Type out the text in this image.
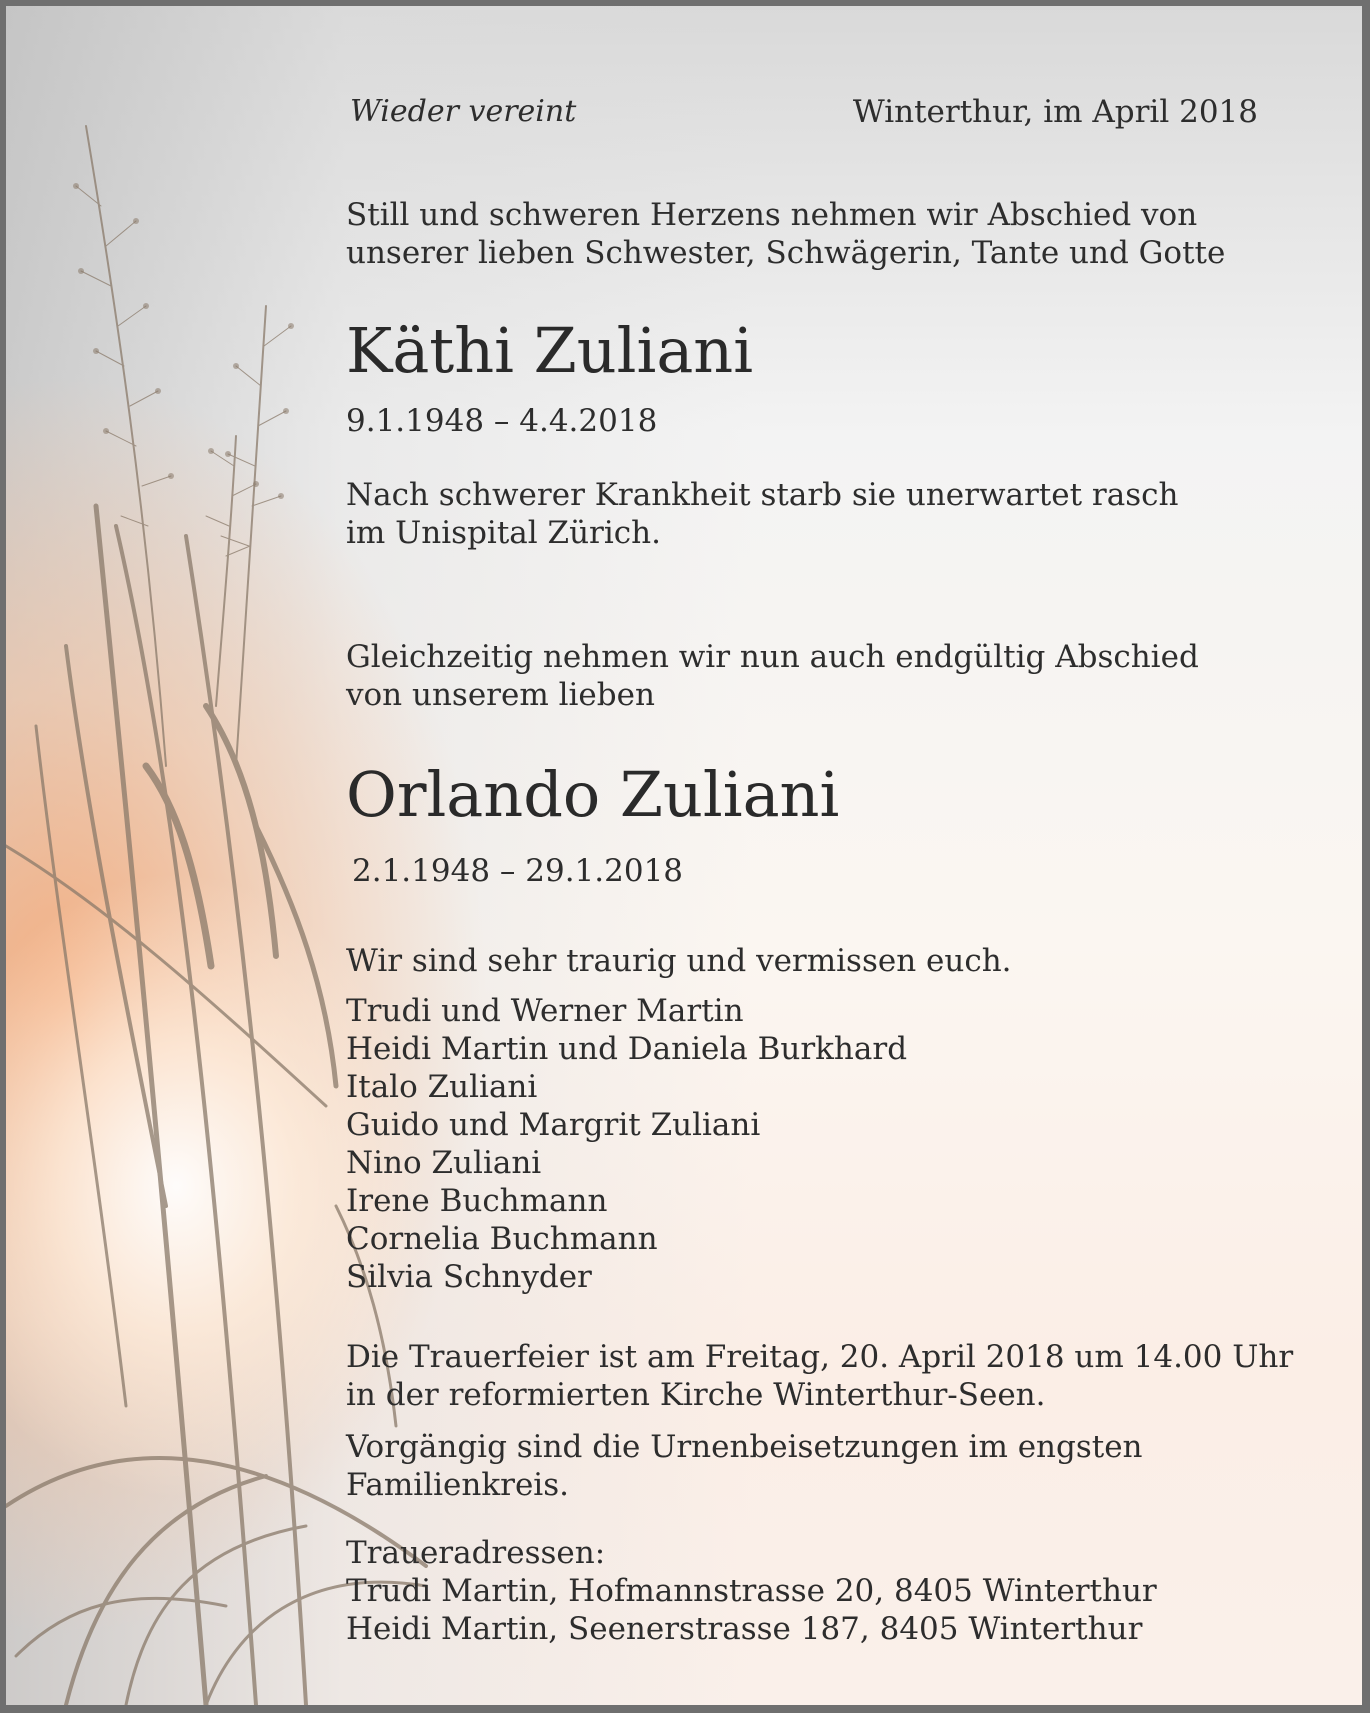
Wieder vereint	Winterthur, im April 2018
Still und schweren Herzens nehmen wir Abschied von
unserer lieben Schwester, Schwägerin, Tante und Gotte
Käthi Zuliani
9.1.1948 – 4.4.2018
Nach schwerer Krankheit starb sie unerwartet rasch
im Unispital Zürich.
Gleichzeitig nehmen wir nun auch endgültig Abschied
von unserem lieben
Orlando Zuliani
2.1.1948 – 29.1.2018
Wir sind sehr traurig und vermissen euch.
Trudi und Werner Martin
Heidi Martin und Daniela Burkhard
Italo Zuliani
Guido und Margrit Zuliani
Nino Zuliani
Irene Buchmann
Cornelia Buchmann
Silvia Schnyder
Die Trauerfeier ist am Freitag, 20. April 2018 um 14.00 Uhr
in der reformierten Kirche Winterthur-Seen.
Vorgängig sind die Urnenbeisetzungen im engsten
Familienkreis.
Traueradressen:
Trudi Martin, Hofmannstrasse 20, 8405 Winterthur
Heidi Martin, Seenerstrasse 187, 8405 Winterthur
